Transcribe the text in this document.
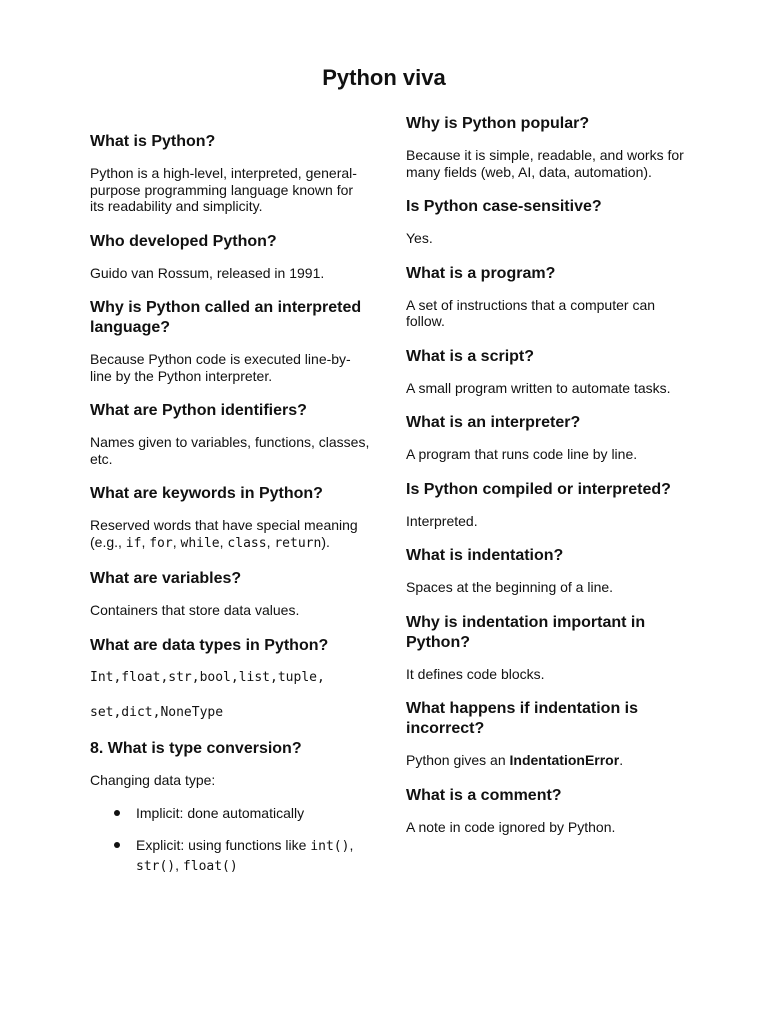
Python viva
What is Python?

Python is a high-level, interpreted, general-purpose programming language known for its readability and simplicity.

Who developed Python?

Guido van Rossum, released in 1991.

Why is Python called an interpreted language?

Because Python code is executed line-by-line by the Python interpreter.

What are Python identifiers?

Names given to variables, functions, classes, etc.

What are keywords in Python?

Reserved words that have special meaning (e.g., if, for, while, class, return).

What are variables?

Containers that store data values.

What are data types in Python?

Int,float,str,bool,list,tuple,

set,dict,NoneType

8. What is type conversion?

Changing data type:

Implicit: done automatically
Explicit: using functions like int(),
str(), float()
Why is Python popular?

Because it is simple, readable, and works for many fields (web, AI, data, automation).

Is Python case-sensitive?

Yes.

What is a program?

A set of instructions that a computer can follow.

What is a script?

A small program written to automate tasks.

What is an interpreter?

A program that runs code line by line.

Is Python compiled or interpreted?

Interpreted.

What is indentation?

Spaces at the beginning of a line.

Why is indentation important in Python?

It defines code blocks.

What happens if indentation is incorrect?

Python gives an IndentationError.

What is a comment?

A note in code ignored by Python.
